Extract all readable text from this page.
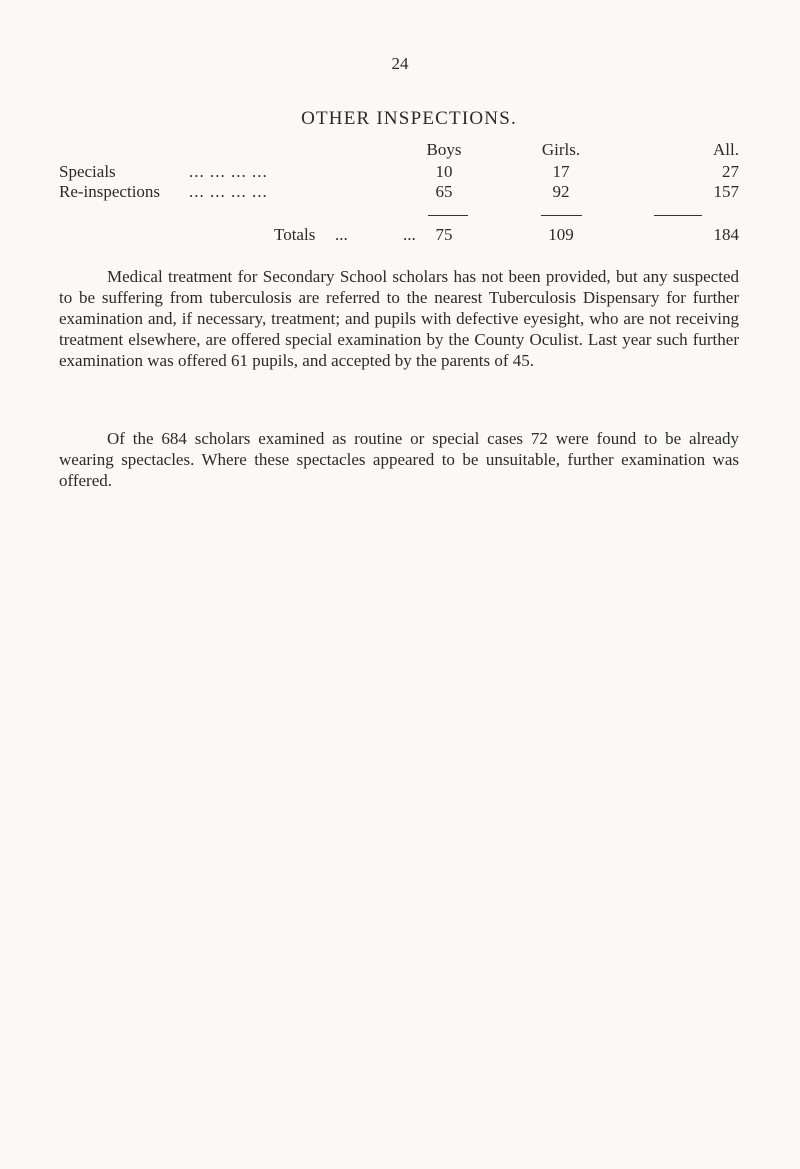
24
OTHER INSPECTIONS.
Boys	Girls.	All.
Specials	... ... ... ...	10	17	27
Re-inspections ... ... ... ...	65	92	157
Totals ...	...	75	109	184

Medical treatment for Secondary School scholars has not been provided, but any suspected to be suffering from tuberculosis are referred to the nearest Tuberculosis Dispensary for further examination and, if necessary, treatment; and pupils with defective eyesight, who are not receiving treatment elsewhere, are offered special examination by the County Oculist. Last year such further examination was offered 61 pupils, and accepted by the parents of 45.

Of the 684 scholars examined as routine or special cases 72 were found to be already wearing spectacles. Where these spectacles appeared to be unsuitable, further examination was offered.
